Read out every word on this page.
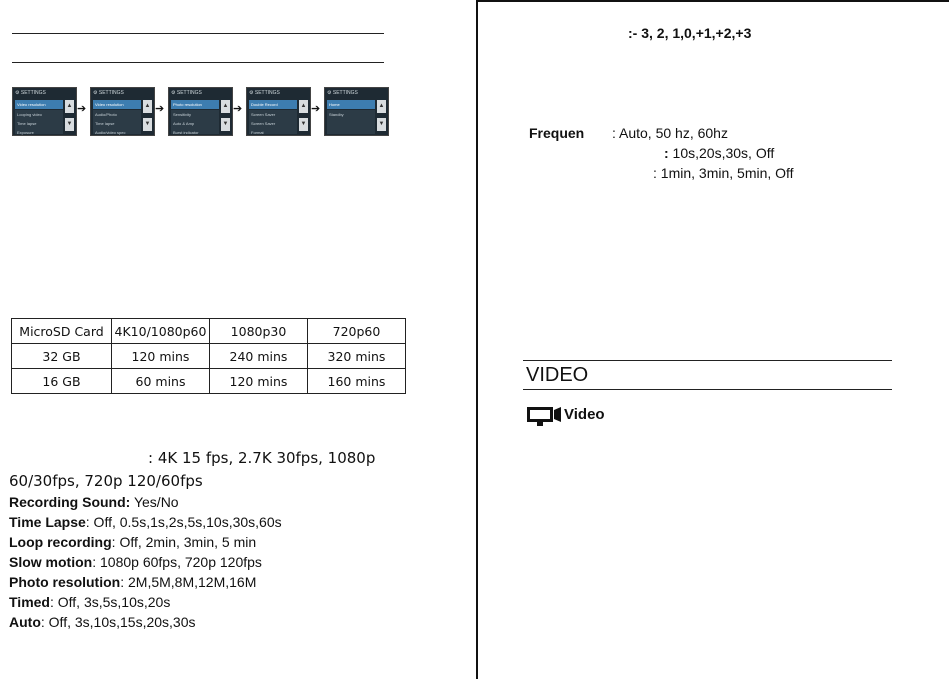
⚙ SETTINGS
Video resolution
Looping video
Time lapse
Exposure
▲
▼
➔
⚙ SETTINGS
Video resolution
Audio/Photo
Time lapse
Audio/video spec
▲
▼
➔
⚙ SETTINGS
Photo resolution
Sensitivity
Auto & Amp
Burst indicator
▲
▼
➔
⚙ SETTINGS
Double Record
Screen Saver
Screen Saver
Format
▲
▼
➔
⚙ SETTINGS
Home
Standby
▲
▼
MicroSD Card	4K10/1080p60	1080p30	720p60
32 GB	120 mins	240 mins	320 mins
16 GB	60 mins	120 mins	160 mins
: 4K 15 fps, 2.7K 30fps, 1080p
60/30fps, 720p 120/60fps
Recording Sound: Yes/No
Time Lapse: Off, 0.5s,1s,2s,5s,10s,30s,60s
Loop recording: Off, 2min, 3min, 5 min
Slow motion: 1080p 60fps, 720p 120fps
Photo resolution: 2M,5M,8M,12M,16M
Timed: Off, 3s,5s,10s,20s
Auto: Off, 3s,10s,15s,20s,30s
:- 3, 2, 1,0,+1,+2,+3
Frequen : Auto, 50 hz, 60hz
: 10s,20s,30s, Off
: 1min, 3min, 5min, Off
VIDEO
Video
